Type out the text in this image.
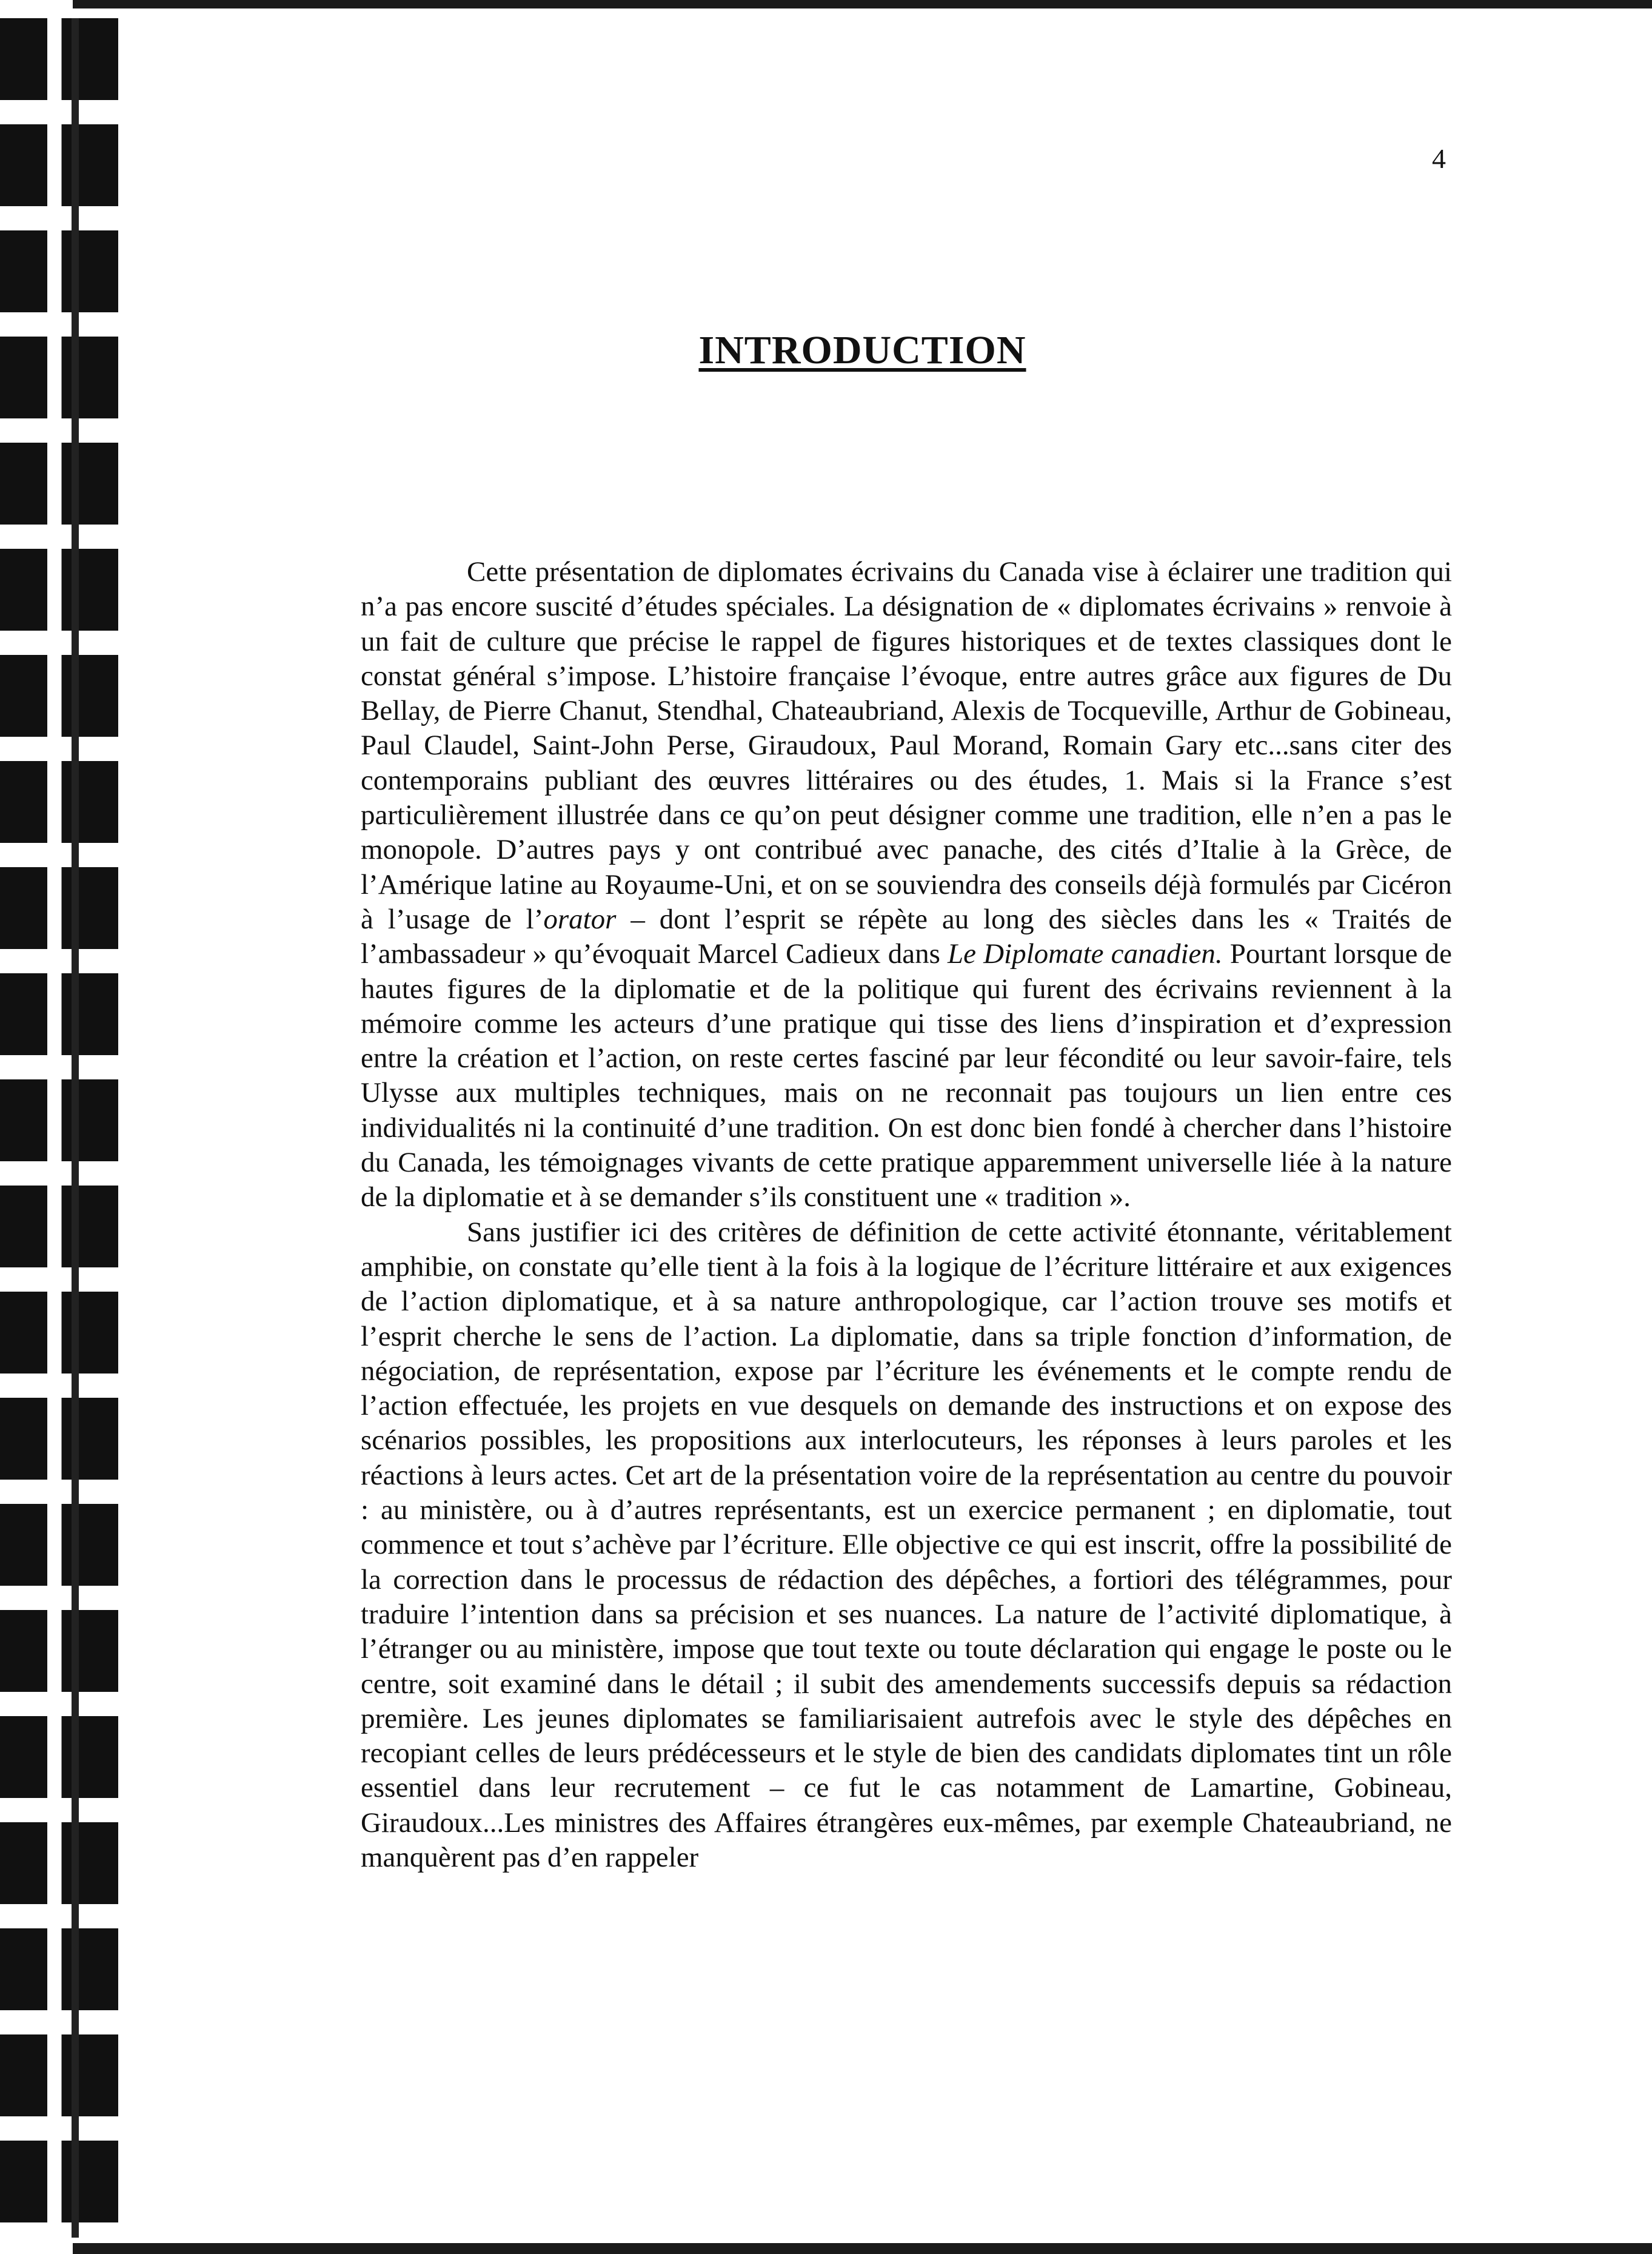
4
INTRODUCTION

Cette présentation de diplomates écrivains du Canada vise à éclairer une tradition qui n’a pas encore suscité d’études spéciales. La désignation de « diplomates écrivains » renvoie à un fait de culture que précise le rappel de figures historiques et de textes classiques dont le constat général s’impose. L’histoire française l’évoque, entre autres grâce aux figures de Du Bellay, de Pierre Chanut, Stendhal, Chateaubriand, Alexis de Tocqueville, Arthur de Gobineau, Paul Claudel, Saint-John Perse, Giraudoux, Paul Morand, Romain Gary etc...sans citer des contemporains publiant des œuvres littéraires ou des études, 1. Mais si la France s’est particulièrement illustrée dans ce qu’on peut désigner comme une tradition, elle n’en a pas le monopole. D’autres pays y ont contribué avec panache, des cités d’Italie à la Grèce, de l’Amérique latine au Royaume-Uni, et on se souviendra des conseils déjà formulés par Cicéron à l’usage de l’orator – dont l’esprit se répète au long des siècles dans les « Traités de l’ambassadeur » qu’évoquait Marcel Cadieux dans Le Diplomate canadien. Pourtant lorsque de hautes figures de la diplomatie et de la politique qui furent des écrivains reviennent à la mémoire comme les acteurs d’une pratique qui tisse des liens d’inspiration et d’expression entre la création et l’action, on reste certes fasciné par leur fécondité ou leur savoir-faire, tels Ulysse aux multiples techniques, mais on ne reconnait pas toujours un lien entre ces individualités ni la continuité d’une tradition. On est donc bien fondé à chercher dans l’histoire du Canada, les témoignages vivants de cette pratique apparemment universelle liée à la nature de la diplomatie et à se demander s’ils constituent une « tradition ».

Sans justifier ici des critères de définition de cette activité étonnante, véritablement amphibie, on constate qu’elle tient à la fois à la logique de l’écriture littéraire et aux exigences de l’action diplomatique, et à sa nature anthropologique, car l’action trouve ses motifs et l’esprit cherche le sens de l’action. La diplomatie, dans sa triple fonction d’information, de négociation, de représentation, expose par l’écriture les événements et le compte rendu de l’action effectuée, les projets en vue desquels on demande des instructions et on expose des scénarios possibles, les propositions aux interlocuteurs, les réponses à leurs paroles et les réactions à leurs actes. Cet art de la présentation voire de la représentation au centre du pouvoir : au ministère, ou à d’autres représentants, est un exercice permanent ; en diplomatie, tout commence et tout s’achève par l’écriture. Elle objective ce qui est inscrit, offre la possibilité de la correction dans le processus de rédaction des dépêches, a fortiori des télégrammes, pour traduire l’intention dans sa précision et ses nuances. La nature de l’activité diplomatique, à l’étranger ou au ministère, impose que tout texte ou toute déclaration qui engage le poste ou le centre, soit examiné dans le détail ; il subit des amendements successifs depuis sa rédaction première. Les jeunes diplomates se familiarisaient autrefois avec le style des dépêches en recopiant celles de leurs prédécesseurs et le style de bien des candidats diplomates tint un rôle essentiel dans leur recrutement – ce fut le cas notamment de Lamartine, Gobineau, Giraudoux...Les ministres des Affaires étrangères eux-mêmes, par exemple Chateaubriand, ne manquèrent pas d’en rappeler
